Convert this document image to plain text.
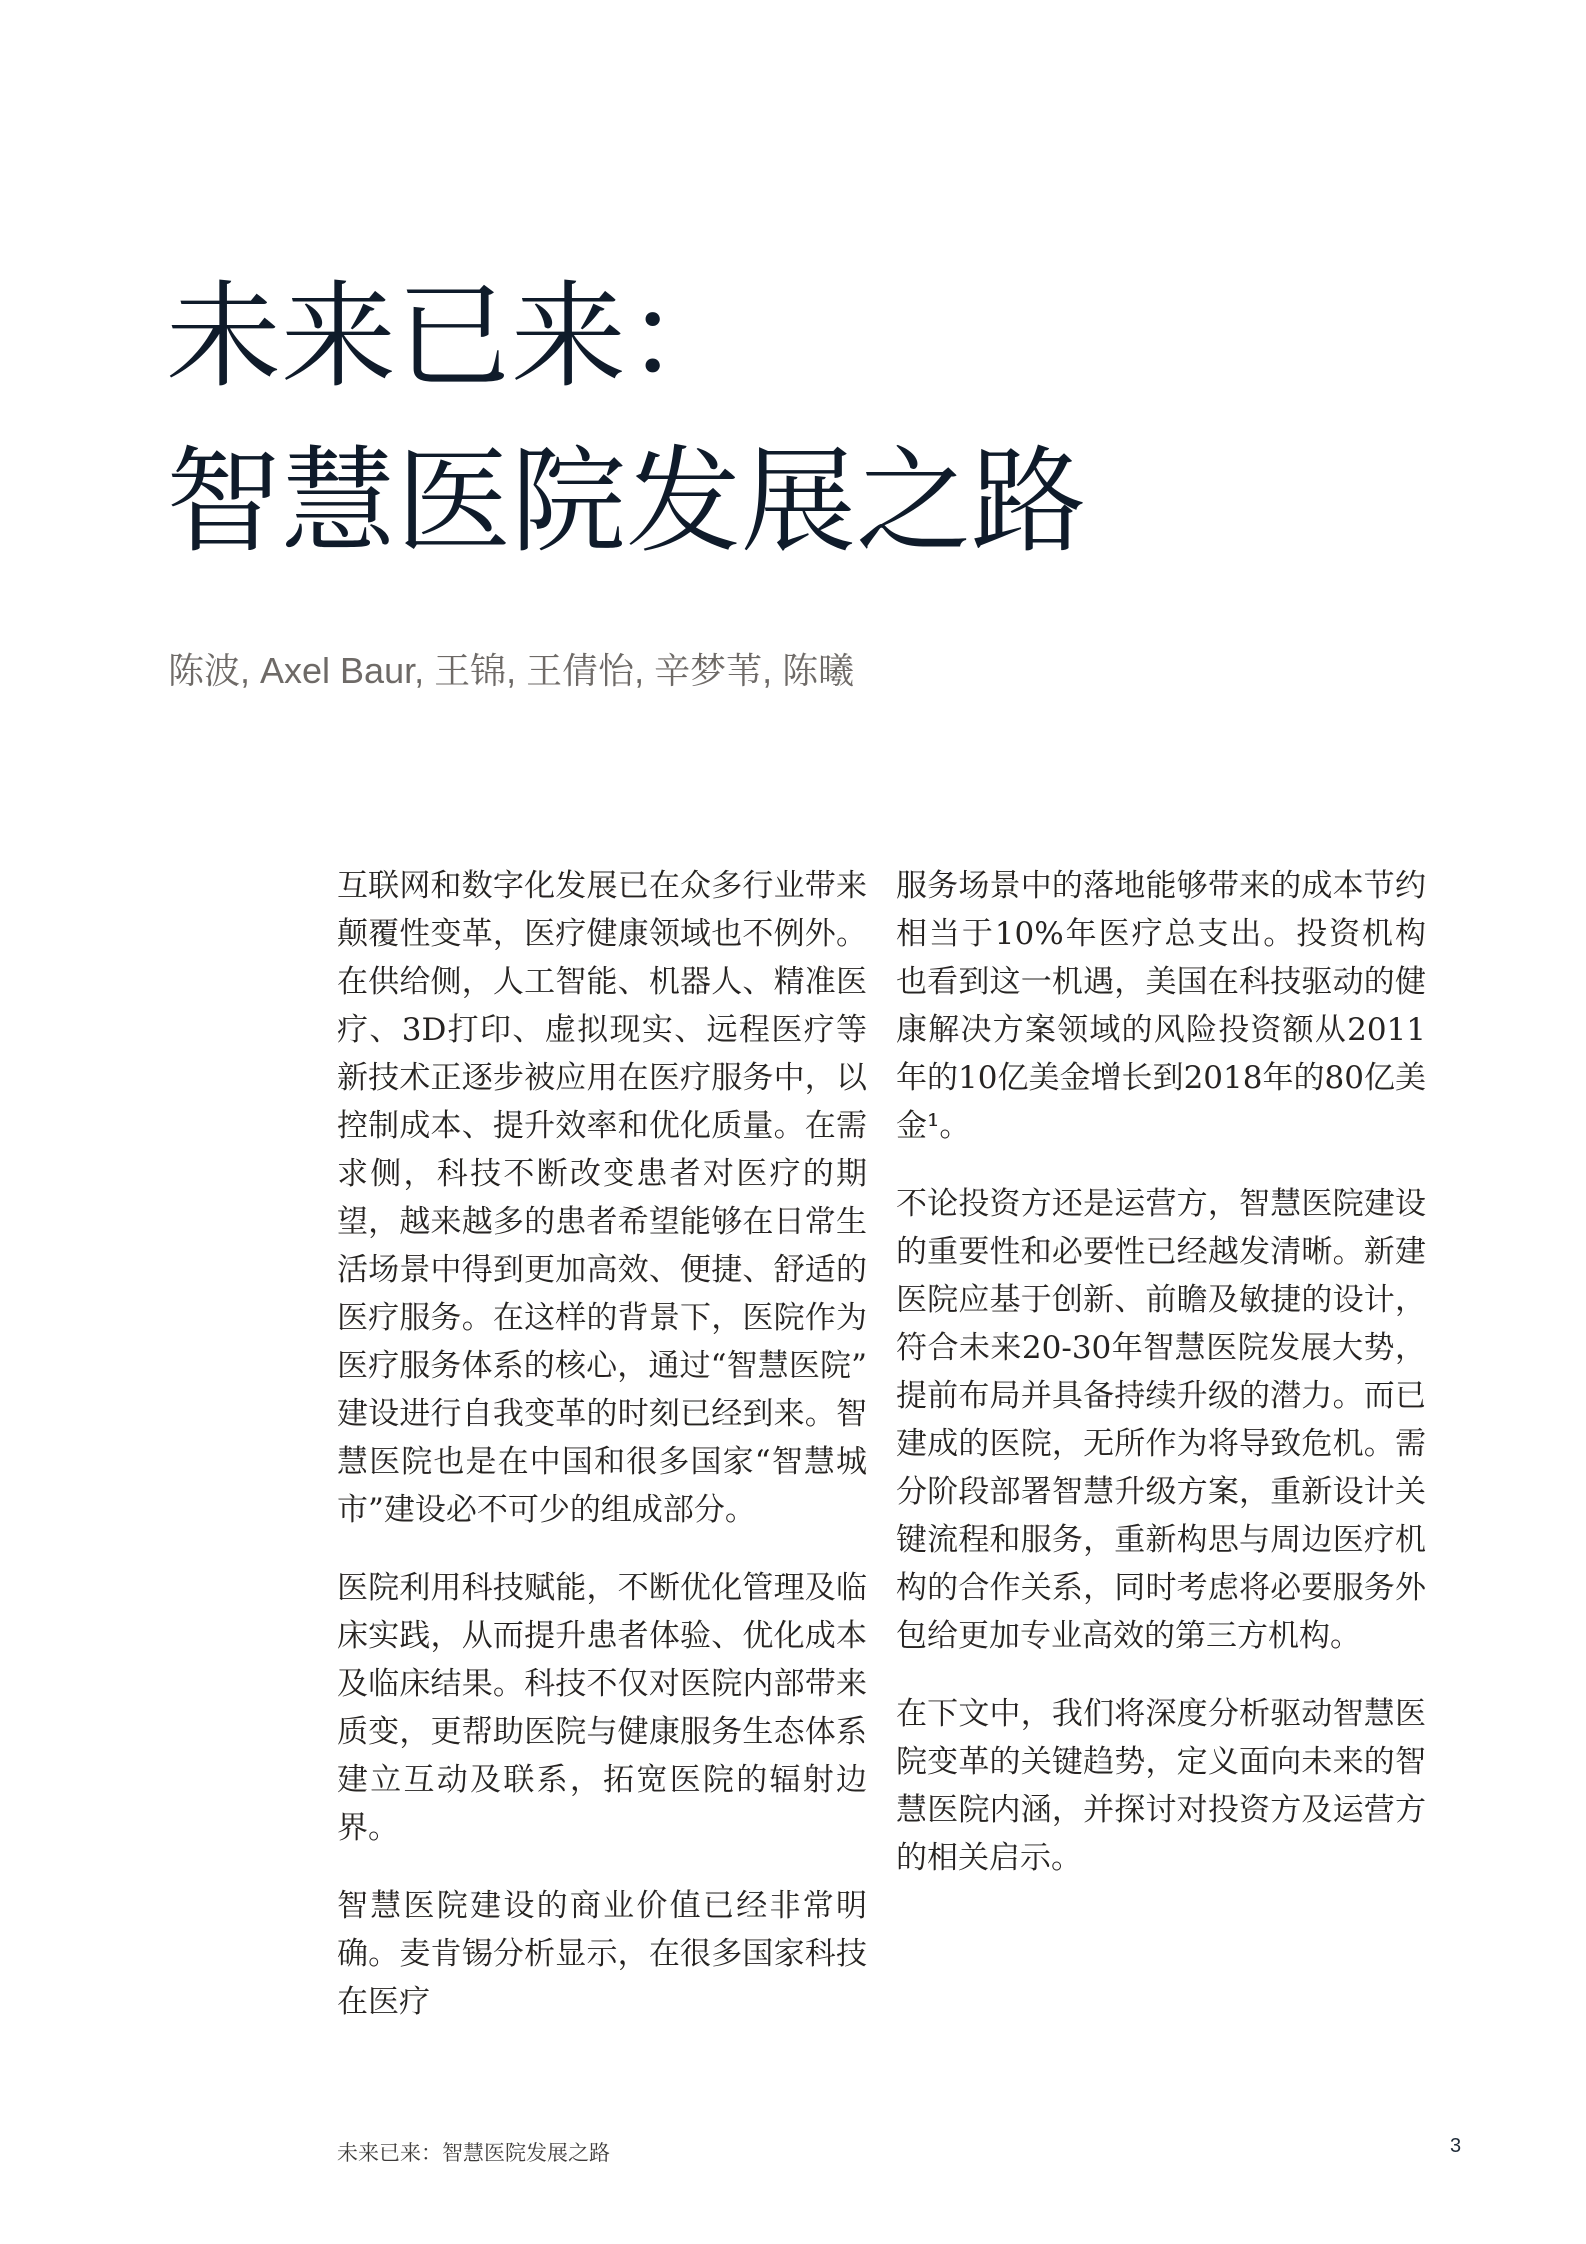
未来已来：
智慧医院发展之路

陈波, Axel Baur, 王锦, 王倩怡, 辛梦苇, 陈曦

互联网和数字化发展已在众多行业带来颠覆性变革，医疗健康领域也不例外。在供给侧，人工智能、机器人、精准医疗、3D打印、虚拟现实、远程医疗等新技术正逐步被应用在医疗服务中，以控制成本、提升效率和优化质量。在需求侧，科技不断改变患者对医疗的期望，越来越多的患者希望能够在日常生活场景中得到更加高效、便捷、舒适的医疗服务。在这样的背景下，医院作为医疗服务体系的核心，通过“智慧医院”建设进行自我变革的时刻已经到来。智慧医院也是在中国和很多国家“智慧城市”建设必不可少的组成部分。

医院利用科技赋能，不断优化管理及临床实践，从而提升患者体验、优化成本及临床结果。科技不仅对医院内部带来质变，更帮助医院与健康服务生态体系建立互动及联系，拓宽医院的辐射边界。

智慧医院建设的商业价值已经非常明确。麦肯锡分析显示，在很多国家科技在医疗

服务场景中的落地能够带来的成本节约相当于10%年医疗总支出。投资机构也看到这一机遇，美国在科技驱动的健康解决方案领域的风险投资额从2011年的10亿美金增长到2018年的80亿美金¹。

不论投资方还是运营方，智慧医院建设的重要性和必要性已经越发清晰。新建医院应基于创新、前瞻及敏捷的设计，符合未来20-30年智慧医院发展大势，提前布局并具备持续升级的潜力。而已建成的医院，无所作为将导致危机。需分阶段部署智慧升级方案，重新设计关键流程和服务，重新构思与周边医疗机构的合作关系，同时考虑将必要服务外包给更加专业高效的第三方机构。

在下文中，我们将深度分析驱动智慧医院变革的关键趋势，定义面向未来的智慧医院内涵，并探讨对投资方及运营方的相关启示。

未来已来：智慧医院发展之路	3
